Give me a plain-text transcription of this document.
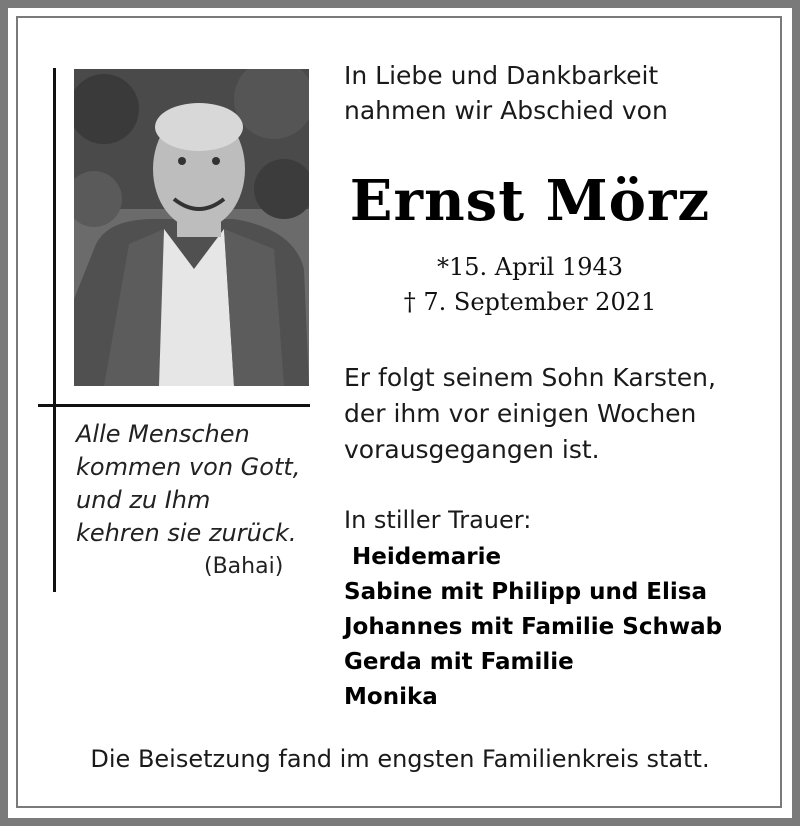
Alle Menschen
kommen von Gott,
und zu Ihm
kehren sie zurück.
(Bahai)
In Liebe und Dankbarkeit
nahmen wir Abschied von
Ernst Mörz
*15. April 1943
† 7. September 2021
Er folgt seinem Sohn Karsten,
der ihm vor einigen Wochen
vorausgegangen ist.
In stiller Trauer:
Heidemarie
Sabine mit Philipp und Elisa
Johannes mit Familie Schwab
Gerda mit Familie
Monika
Die Beisetzung fand im engsten Familienkreis statt.
